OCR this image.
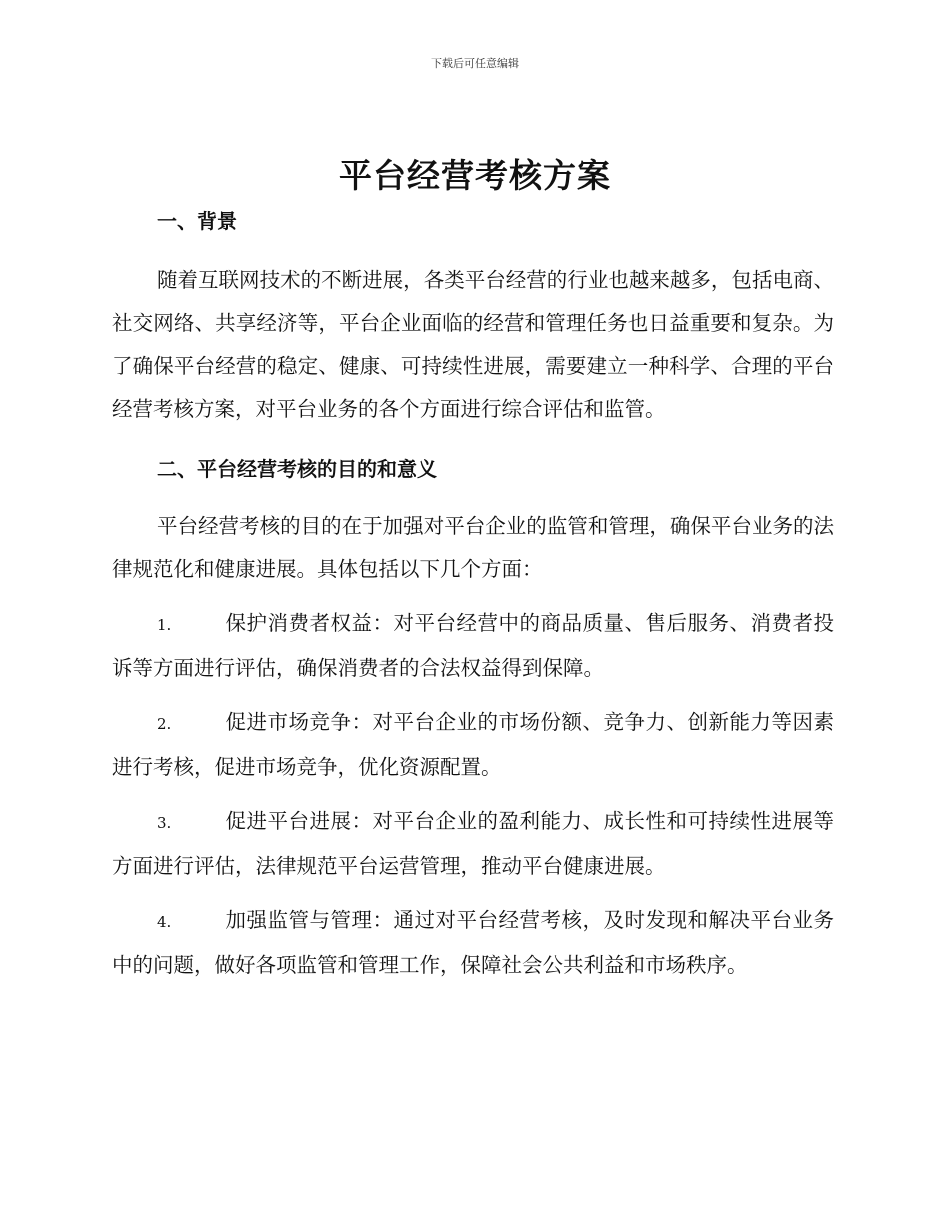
下载后可任意编辑
平台经营考核方案
一、背景

随着互联网技术的不断进展，各类平台经营的行业也越来越多，包括电商、社交网络、共享经济等，平台企业面临的经营和管理任务也日益重要和复杂。为了确保平台经营的稳定、健康、可持续性进展，需要建立一种科学、合理的平台经营考核方案，对平台业务的各个方面进行综合评估和监管。

二、平台经营考核的目的和意义

平台经营考核的目的在于加强对平台企业的监管和管理，确保平台业务的法律规范化和健康进展。具体包括以下几个方面：

1.	保护消费者权益：对平台经营中的商品质量、售后服务、消费者投诉等方面进行评估，确保消费者的合法权益得到保障。
2.	促进市场竞争：对平台企业的市场份额、竞争力、创新能力等因素进行考核，促进市场竞争，优化资源配置。
3.	促进平台进展：对平台企业的盈利能力、成长性和可持续性进展等方面进行评估，法律规范平台运营管理，推动平台健康进展。
4.	加强监管与管理：通过对平台经营考核，及时发现和解决平台业务中的问题，做好各项监管和管理工作，保障社会公共利益和市场秩序。
